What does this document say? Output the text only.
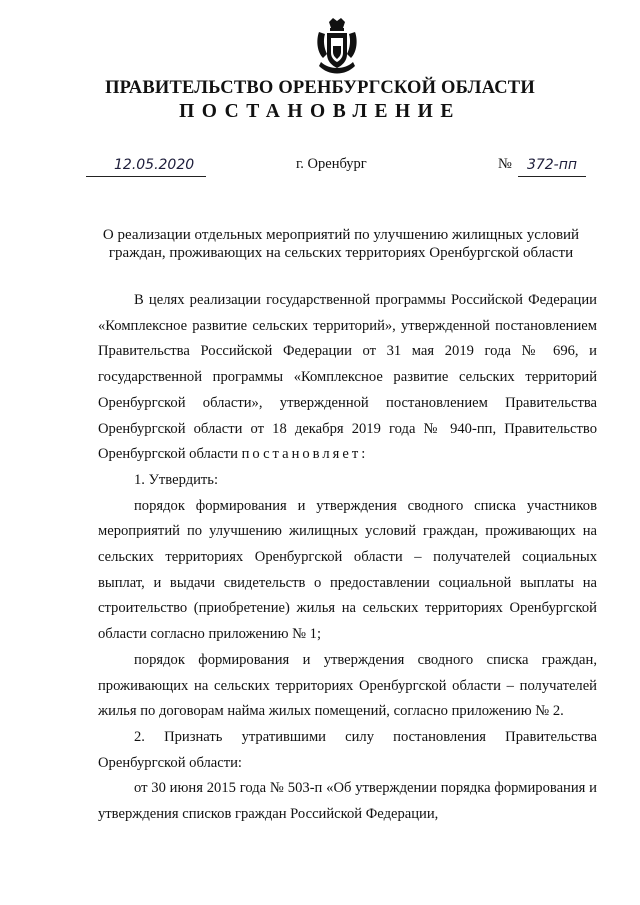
ПРАВИТЕЛЬСТВО ОРЕНБУРГСКОЙ ОБЛАСТИ
ПОСТАНОВЛЕНИЕ
12.05.2020	г. Оренбург	№	372-пп
О реализации отдельных мероприятий по улучшению жилищных условий граждан, проживающих на сельских территориях Оренбургской области

В целях реализации государственной программы Российской Федерации «Комплексное развитие сельских территорий», утвержденной постановлением Правительства Российской Федерации от 31 мая 2019 года № 696, и государственной программы «Комплексное развитие сельских территорий Оренбургской области», утвержденной постановлением Правительства Оренбургской области от 18 декабря 2019 года № 940-пп, Правительство Оренбургской области постановляет:

1. Утвердить:

порядок формирования и утверждения сводного списка участников мероприятий по улучшению жилищных условий граждан, проживающих на сельских территориях Оренбургской области – получателей социальных выплат, и выдачи свидетельств о предоставлении социальной выплаты на строительство (приобретение) жилья на сельских территориях Оренбургской области согласно приложению № 1;

порядок формирования и утверждения сводного списка граждан, проживающих на сельских территориях Оренбургской области – получателей жилья по договорам найма жилых помещений, согласно приложению № 2.

2. Признать утратившими силу постановления Правительства Оренбургской области:

от 30 июня 2015 года № 503-п «Об утверждении порядка формирования и утверждения списков граждан Российской Федерации,
